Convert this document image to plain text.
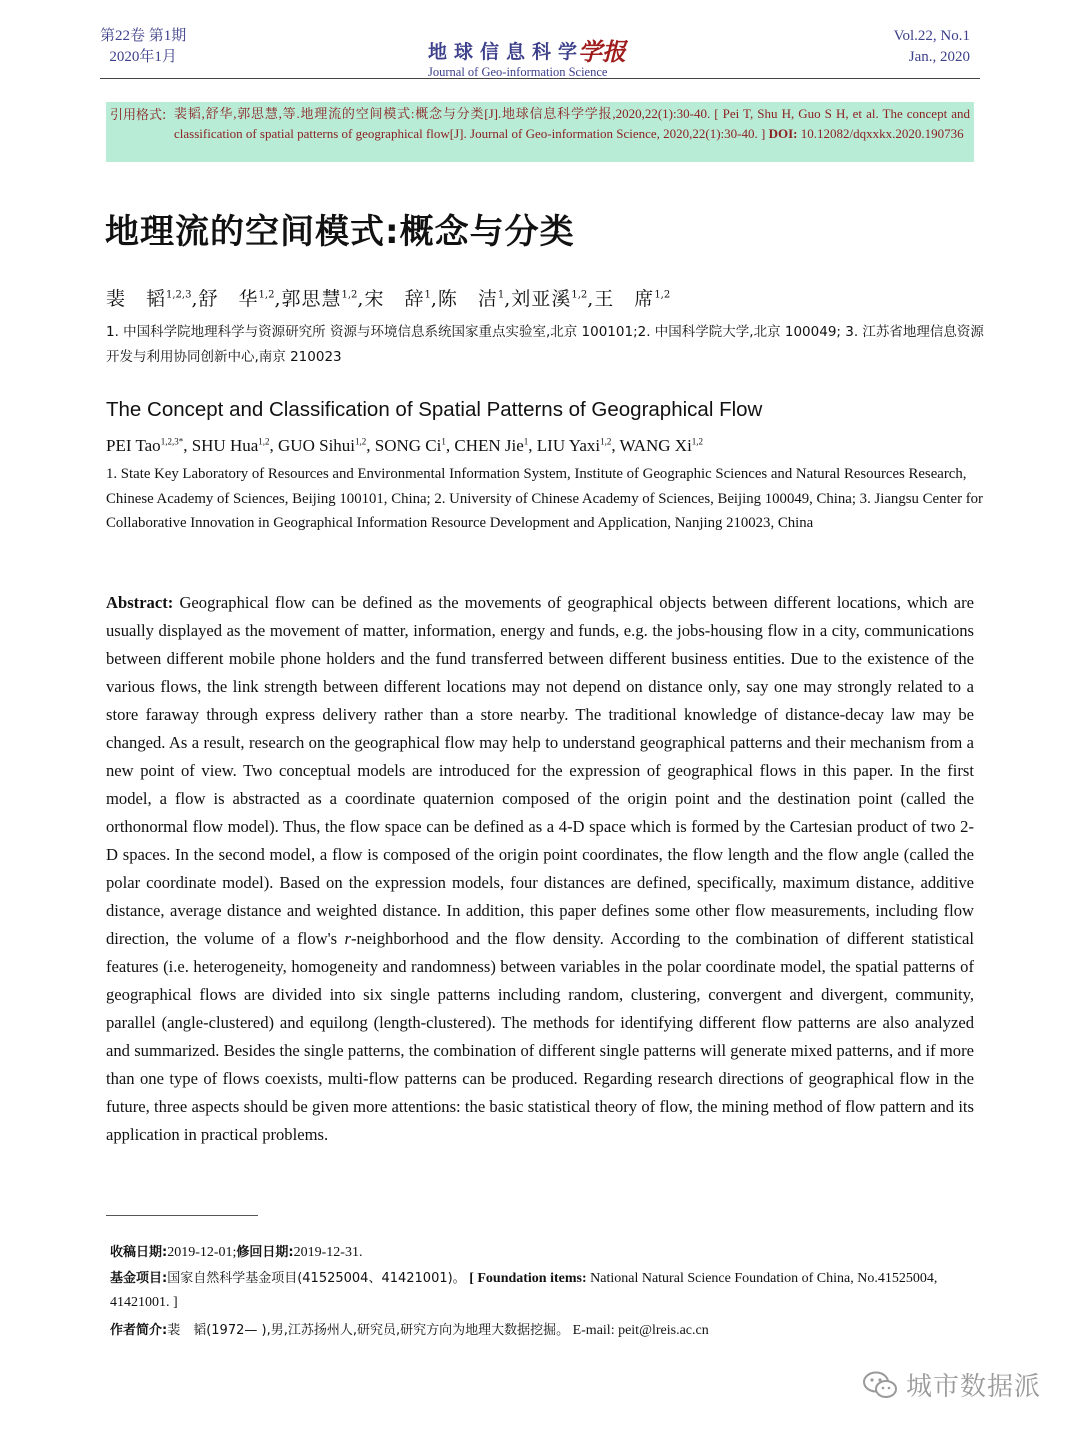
第22卷 第1期
2020年1月	地球信息科学学报
Journal of Geo-information Science
Vol.22, No.1
Jan., 2020
引用格式: 裴韬,舒华,郭思慧,等.地理流的空间模式:概念与分类[J].地球信息科学学报,2020,22(1):30-40. [ Pei T, Shu H, Guo S H, et al. The concept and classification of spatial patterns of geographical flow[J]. Journal of Geo-information Science, 2020,22(1):30-40. ] DOI: 10.12082/dqxxkx.2020.190736
地理流的空间模式:概念与分类
裴　韬$^{1,2,3}$,舒　华$^{1,2}$,郭思慧$^{1,2}$,宋　辞$^1$,陈　洁$^1$,刘亚溪$^{1,2}$,王　席$^{1,2}$
1. 中国科学院地理科学与资源研究所 资源与环境信息系统国家重点实验室,北京 100101;2. 中国科学院大学,北京 100049; 3. 江苏省地理信息资源开发与利用协同创新中心,南京 210023
The Concept and Classification of Spatial Patterns of Geographical Flow
PEI Tao$^{1,2,3*}$, SHU Hua$^{1,2}$, GUO Sihui$^{1,2}$, SONG Ci$^1$, CHEN Jie$^1$, LIU Yaxi$^{1,2}$, WANG Xi$^{1,2}$
1. State Key Laboratory of Resources and Environmental Information System, Institute of Geographic Sciences and Natural Resources Research, Chinese Academy of Sciences, Beijing 100101, China; 2. University of Chinese Academy of Sciences, Beijing 100049, China; 3. Jiangsu Center for Collaborative Innovation in Geographical Information Resource Development and Application, Nanjing 210023, China
Abstract: Geographical flow can be defined as the movements of geographical objects between different locations, which are usually displayed as the movement of matter, information, energy and funds, e.g. the jobs-housing flow in a city, communications between different mobile phone holders and the fund transferred between different business entities. Due to the existence of the various flows, the link strength between different locations may not depend on distance only, say one may strongly related to a store faraway through express delivery rather than a store nearby. The traditional knowledge of distance-decay law may be changed. As a result, research on the geographical flow may help to understand geographical patterns and their mechanism from a new point of view. Two conceptual models are introduced for the expression of geographical flows in this paper. In the first model, a flow is abstracted as a coordinate quaternion composed of the origin point and the destination point (called the orthonormal flow model). Thus, the flow space can be defined as a 4-D space which is formed by the Cartesian product of two 2-D spaces. In the second model, a flow is composed of the origin point coordinates, the flow length and the flow angle (called the polar coordinate model). Based on the expression models, four distances are defined, specifically, maximum distance, additive distance, average distance and weighted distance. In addition, this paper defines some other flow measurements, including flow direction, the volume of a flow's r-neighborhood and the flow density. According to the combination of different statistical features (i.e. heterogeneity, homogeneity and randomness) between variables in the polar coordinate model, the spatial patterns of geographical flows are divided into six single patterns including random, clustering, convergent and divergent, community, parallel (angle-clustered) and equilong (length-clustered). The methods for identifying different flow patterns are also analyzed and summarized. Besides the single patterns, the combination of different single patterns will generate mixed patterns, and if more than one type of flows coexists, multi-flow patterns can be produced. Regarding research directions of geographical flow in the future, three aspects should be given more attentions: the basic statistical theory of flow, the mining method of flow pattern and its application in practical problems.
收稿日期:2019-12-01;修回日期:2019-12-31.
基金项目:国家自然科学基金项目(41525004、41421001)。 [ Foundation items: National Natural Science Foundation of China, No.41525004, 41421001. ]
作者简介:裴　韬(1972— ),男,江苏扬州人,研究员,研究方向为地理大数据挖掘。 E-mail: peit@lreis.ac.cn
城市数据派
